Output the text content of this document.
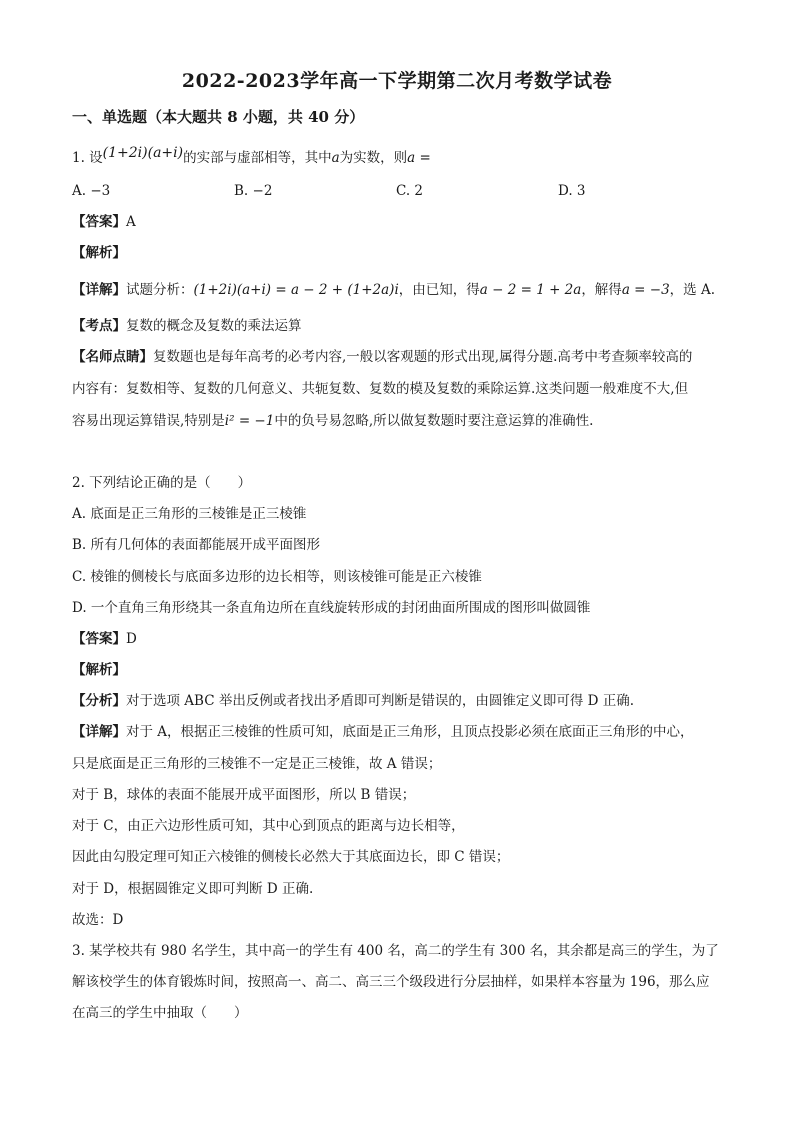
2022-2023学年高一下学期第二次月考数学试卷
一、单选题（本大题共 8 小题，共 40 分）
1. 设(1+2i)(a+i)的实部与虚部相等，其中a为实数，则a =
A. −3	B. −2	C. 2	D. 3
【答案】A
【解析】
【详解】试题分析：(1+2i)(a+i) = a − 2 + (1+2a)i，由已知，得a − 2 = 1 + 2a，解得a = −3，选 A.
【考点】复数的概念及复数的乘法运算
【名师点睛】复数题也是每年高考的必考内容,一般以客观题的形式出现,属得分题.高考中考查频率较高的
内容有：复数相等、复数的几何意义、共轭复数、复数的模及复数的乘除运算.这类问题一般难度不大,但
容易出现运算错误,特别是i² = −1中的负号易忽略,所以做复数题时要注意运算的准确性.
2. 下列结论正确的是（　　）
A. 底面是正三角形的三棱锥是正三棱锥
B. 所有几何体的表面都能展开成平面图形
C. 棱锥的侧棱长与底面多边形的边长相等，则该棱锥可能是正六棱锥
D. 一个直角三角形绕其一条直角边所在直线旋转形成的封闭曲面所围成的图形叫做圆锥
【答案】D
【解析】
【分析】对于选项 ABC 举出反例或者找出矛盾即可判断是错误的，由圆锥定义即可得 D 正确.
【详解】对于 A，根据正三棱锥的性质可知，底面是正三角形，且顶点投影必须在底面正三角形的中心，
只是底面是正三角形的三棱锥不一定是正三棱锥，故 A 错误；
对于 B，球体的表面不能展开成平面图形，所以 B 错误；
对于 C，由正六边形性质可知，其中心到顶点的距离与边长相等，
因此由勾股定理可知正六棱锥的侧棱长必然大于其底面边长，即 C 错误；
对于 D，根据圆锥定义即可判断 D 正确.
故选：D
3. 某学校共有 980 名学生，其中高一的学生有 400 名，高二的学生有 300 名，其余都是高三的学生，为了
解该校学生的体育锻炼时间，按照高一、高二、高三三个级段进行分层抽样，如果样本容量为 196，那么应
在高三的学生中抽取（　　）
